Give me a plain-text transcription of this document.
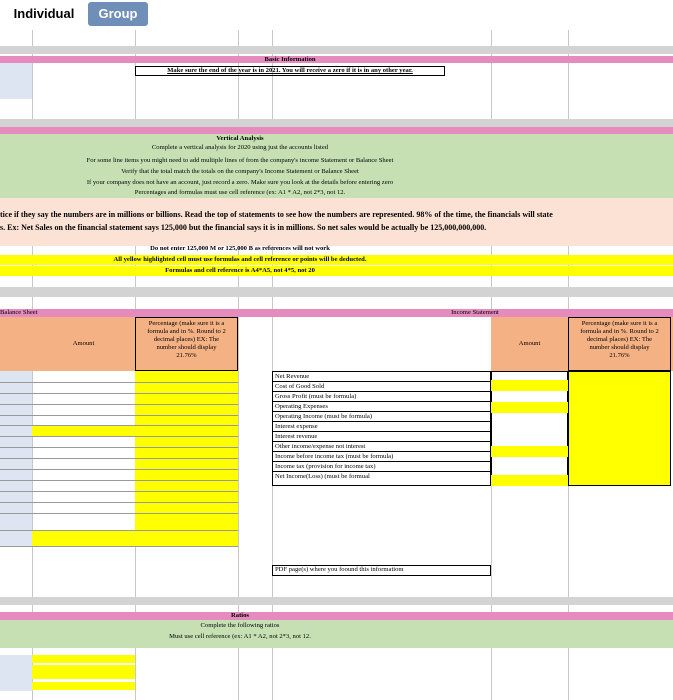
Individual	Group
Basic Information
Make sure the end of the year is in 2021. You will receive a zero if it is in any other year.
Vertical Analysis
Complete a vertical analysis for 2020 using just the accounts listed
For some line items you might need to add multiple lines of from the company's income Statement or Balance Sheet
Verify that the total match the totals on the company's Income Statement or Balance Sheet
If your company does not have an account, just record a zero. Make sure you look at the details before entering zero
Percentages and formulas must use cell reference (ex: A1 * A2, not 2*3, not 12.
tice if they say the numbers are in millions or billions. Read the top of statements to see how the numbers are represented. 98% of the time, the financials will state
s. Ex: Net Sales on the financial statement says 125,000 but the financial says it is in millions. So net sales would be actually be 125,000,000,000.
Do not enter 125,000 M or 125,000 B as references will not work
All yellow highlighted cell must use formulas and cell reference or points will be deducted.
Formulas and cell reference is A4*A5, not 4*5, not 20
Balance Sheet	Income Statement
Amount
Percentage (make sure it is a
formula and in %. Round to 2
decimal places) EX: The
number should display
21.76%
Amount
Percentage (make sure it is a
formula and in %. Round to 2
decimal places) EX: The
number should display
21.76%
Net Revenue
Cost of Good Sold
Gross Profit (must be formula)
Operating Expenses
Operating Income (must be formula)
Interest expense
Interest revenue
Other income/expense not interest
Income before income tax (must be formula)
Income tax (provision for income tax)
Net Income(Loss) (must be formual
PDF page(s) where you foound this informatiom
Ratios
Complete the following ratios
Must use cell reference (ex: A1 * A2, not 2*3, not 12.
